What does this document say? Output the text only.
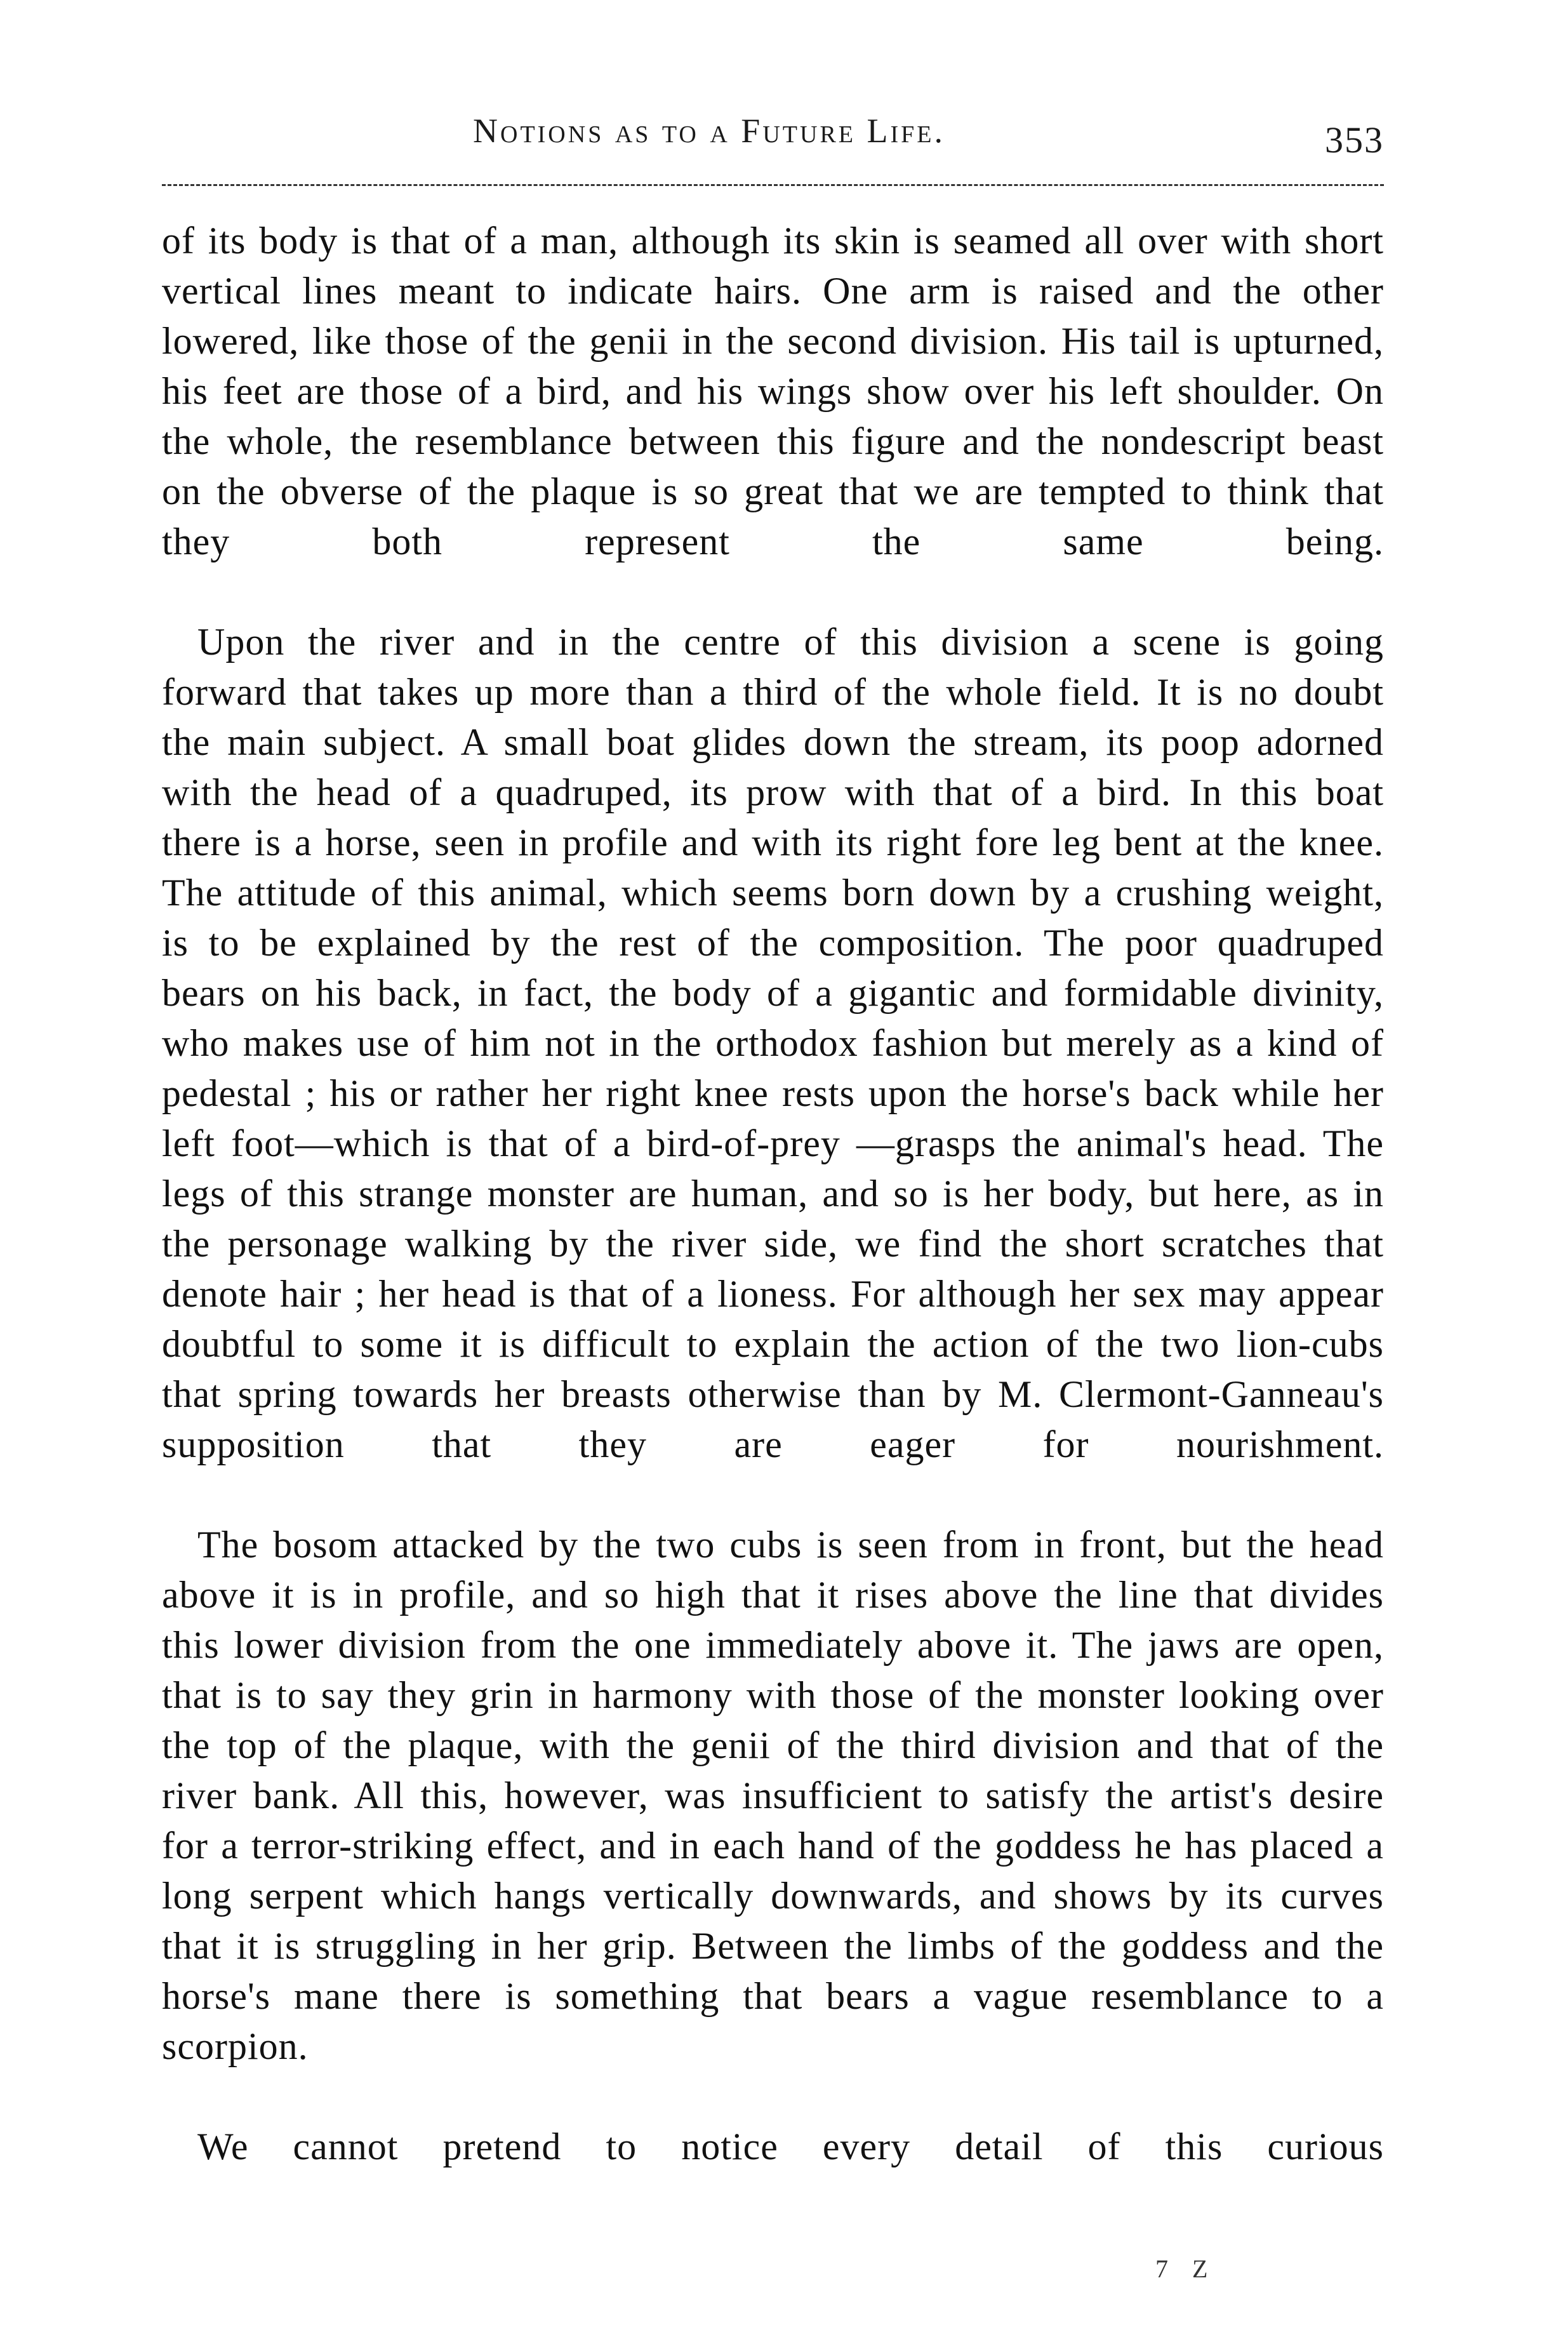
Notions as to a Future Life.	353

of its body is that of a man, although its skin is seamed all over with short vertical lines meant to indicate hairs. One arm is raised and the other lowered, like those of the genii in the second division. His tail is upturned, his feet are those of a bird, and his wings show over his left shoulder. On the whole, the resemblance between this figure and the nondescript beast on the obverse of the plaque is so great that we are tempted to think that they both represent the same being.

Upon the river and in the centre of this division a scene is going forward that takes up more than a third of the whole field. It is no doubt the main subject. A small boat glides down the stream, its poop adorned with the head of a quadruped, its prow with that of a bird. In this boat there is a horse, seen in profile and with its right fore leg bent at the knee. The attitude of this animal, which seems born down by a crushing weight, is to be explained by the rest of the composition. The poor quadruped bears on his back, in fact, the body of a gigantic and formidable divinity, who makes use of him not in the orthodox fashion but merely as a kind of pedestal ; his or rather her right knee rests upon the horse's back while her left foot—which is that of a bird-of-prey —grasps the animal's head. The legs of this strange monster are human, and so is her body, but here, as in the personage walking by the river side, we find the short scratches that denote hair ; her head is that of a lioness. For although her sex may appear doubtful to some it is difficult to explain the action of the two lion-cubs that spring towards her breasts otherwise than by M. Clermont-Ganneau's supposition that they are eager for nourishment.

The bosom attacked by the two cubs is seen from in front, but the head above it is in profile, and so high that it rises above the line that divides this lower division from the one immediately above it. The jaws are open, that is to say they grin in harmony with those of the monster looking over the top of the plaque, with the genii of the third division and that of the river bank. All this, however, was insufficient to satisfy the artist's desire for a terror-striking effect, and in each hand of the goddess he has placed a long serpent which hangs vertically downwards, and shows by its curves that it is struggling in her grip. Between the limbs of the goddess and the horse's mane there is something that bears a vague resemblance to a scorpion.

We cannot pretend to notice every detail of this curious

7 Z
